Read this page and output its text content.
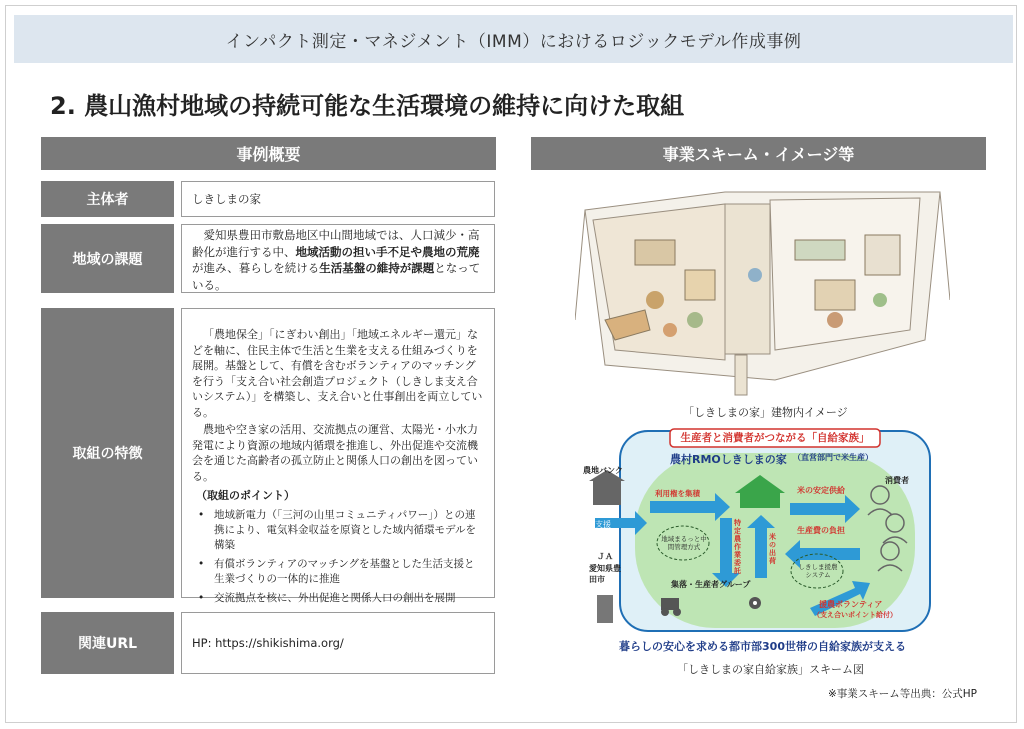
インパクト測定・マネジメント（IMM）におけるロジックモデル作成事例
2. 農山漁村地域の持続可能な生活環境の維持に向けた取組
事例概要
主体者	しきしまの家
地域の課題

愛知県豊田市敷島地区中山間地域では、人口減少・高齢化が進行する中、地域活動の担い手不足や農地の荒廃が進み、暮らしを続ける生活基盤の維持が課題となっている。

取組の特徴

「農地保全」「にぎわい創出」「地域エネルギー還元」などを軸に、住民主体で生活と生業を支える仕組みづくりを展開。基盤として、有償を含むボランティアのマッチングを行う「支え合い社会創造プロジェクト（しきしま支え合いシステム）」を構築し、支え合いと仕事創出を両立している。

農地や空き家の活用、交流拠点の運営、太陽光・小水力発電により資源の地域内循環を推進し、外出促進や交流機会を通じた高齢者の孤立防止と関係人口の創出を図っている。

（取組のポイント）
• 地域新電力（「三河の山里コミュニティパワー」）との連携により、電気料金収益を原資とした域内循環モデルを構築
• 有償ボランティアのマッチングを基盤とした生活支援と生業づくりの一体的に推進
• 交流拠点を核に、外出促進と関係人口の創出を展開
関連URL	HP: https://shikishima.org/
事業スキーム・イメージ等
「しきしまの家」建物内イメージ
生産者と消費者がつながる「自給家族」
農村RMOしきしまの家 （直営部門で米生産）
農地バンク
支援
ＪＡ
愛知県豊田市
消費者
米の安定供給
生産費の負担
利用権を集積
特定農作業委託
米の出荷
地域まるっと中間管理方式
しきしま援農システム
集落・生産者グループ
援農ボランティア
（支え合いポイント給付）
暮らしの安心を求める都市部300世帯の自給家族が支える
「しきしまの家自給家族」スキーム図
※事業スキーム等出典：公式HP
